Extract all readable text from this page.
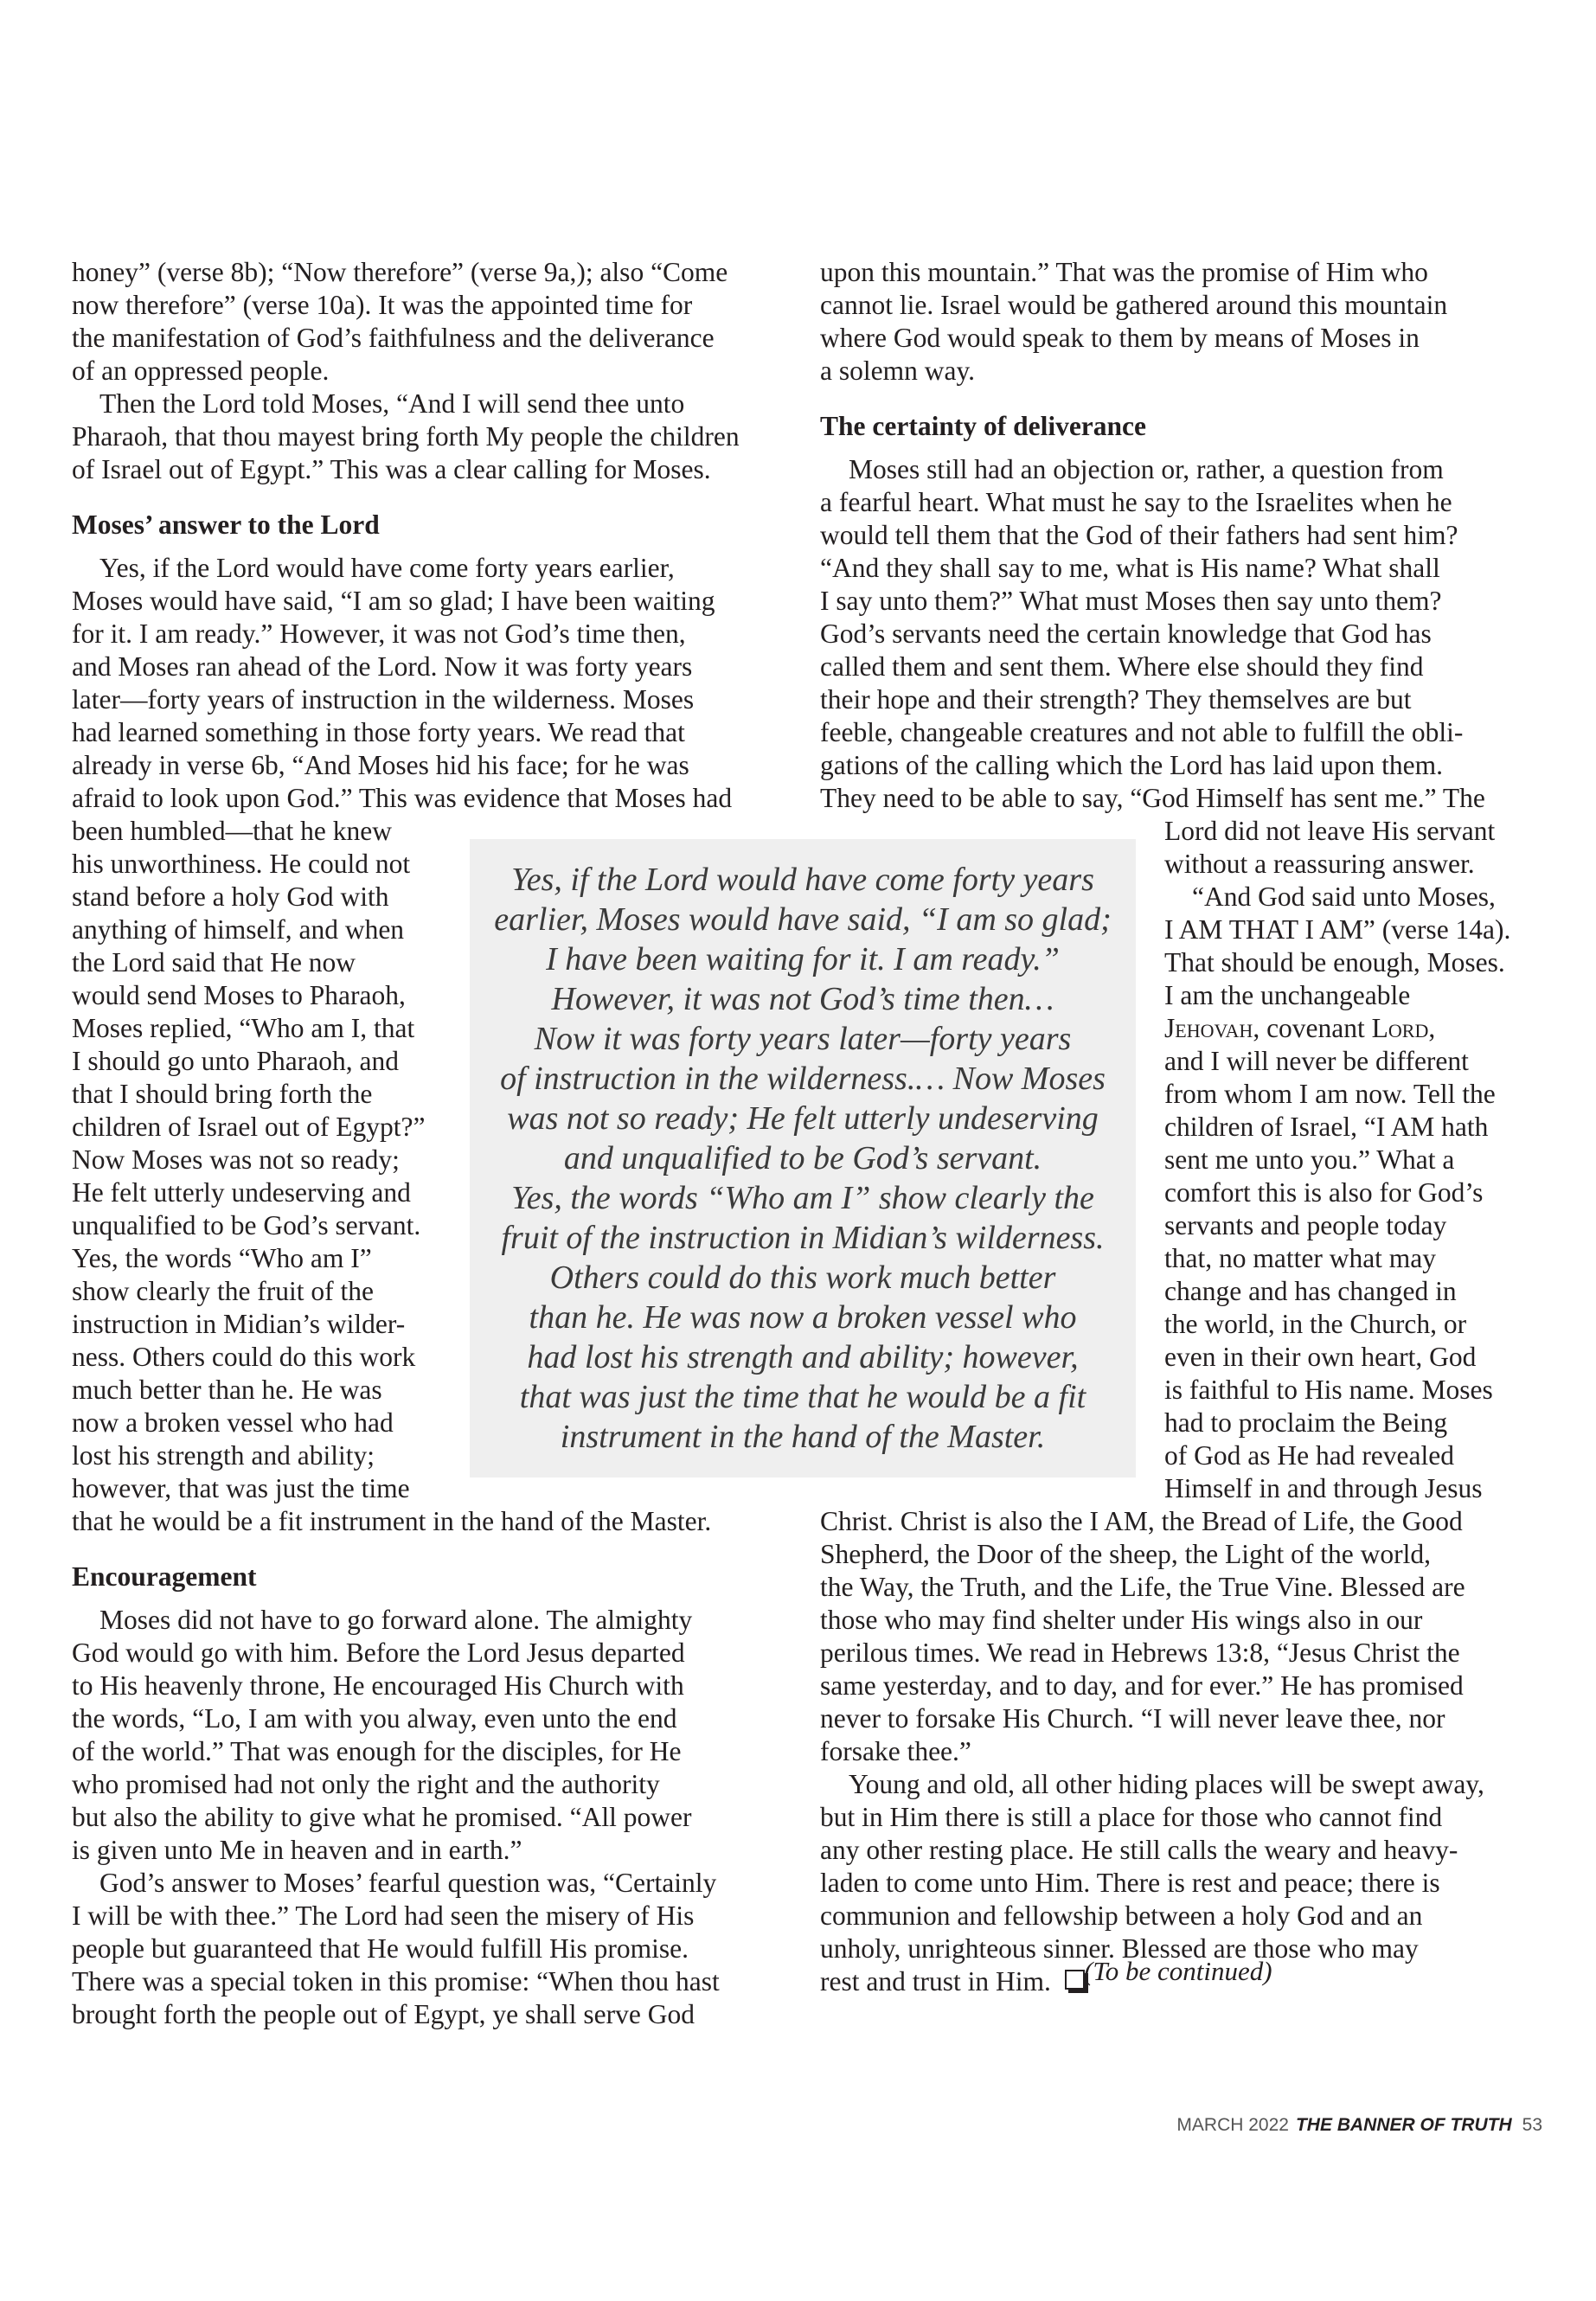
honey” (verse 8b); “Now therefore” (verse 9a,); also “Come
now therefore” (verse 10a). It was the appointed time for
the manifestation of God’s faithfulness and the deliverance
of an oppressed people.
Then the Lord told Moses, “And I will send thee unto
Pharaoh, that thou mayest bring forth My people the children
of Israel out of Egypt.” This was a clear calling for Moses.
Moses’ answer to the Lord
Yes, if the Lord would have come forty years earlier,
Moses would have said, “I am so glad; I have been waiting
for it. I am ready.” However, it was not God’s time then,
and Moses ran ahead of the Lord. Now it was forty years
later—forty years of instruction in the wilderness. Moses
had learned something in those forty years. We read that
already in verse 6b, “And Moses hid his face; for he was
afraid to look upon God.” This was evidence that Moses had
been humbled—that he knew
his unworthiness. He could not
stand before a holy God with
anything of himself, and when
the Lord said that He now
would send Moses to Pharaoh,
Moses replied, “Who am I, that
I should go unto Pharaoh, and
that I should bring forth the
children of Israel out of Egypt?”
Now Moses was not so ready;
He felt utterly undeserving and
unqualified to be God’s servant.
Yes, the words “Who am I”
show clearly the fruit of the
instruction in Midian’s wilder-
ness. Others could do this work
much better than he. He was
now a broken vessel who had
lost his strength and ability;
however, that was just the time
that he would be a fit instrument in the hand of the Master.
Encouragement
Moses did not have to go forward alone. The almighty
God would go with him. Before the Lord Jesus departed
to His heavenly throne, He encouraged His Church with
the words, “Lo, I am with you alway, even unto the end
of the world.” That was enough for the disciples, for He
who promised had not only the right and the authority
but also the ability to give what he promised. “All power
is given unto Me in heaven and in earth.”
God’s answer to Moses’ fearful question was, “Certainly
I will be with thee.” The Lord had seen the misery of His
people but guaranteed that He would fulfill His promise.
There was a special token in this promise: “When thou hast
brought forth the people out of Egypt, ye shall serve God
upon this mountain.” That was the promise of Him who
cannot lie. Israel would be gathered around this mountain
where God would speak to them by means of Moses in
a solemn way.
The certainty of deliverance
Moses still had an objection or, rather, a question from
a fearful heart. What must he say to the Israelites when he
would tell them that the God of their fathers had sent him?
“And they shall say to me, what is His name? What shall
I say unto them?” What must Moses then say unto them?
God’s servants need the certain knowledge that God has
called them and sent them. Where else should they find
their hope and their strength? They themselves are but
feeble, changeable creatures and not able to fulfill the obli-
gations of the calling which the Lord has laid upon them.
They need to be able to say, “God Himself has sent me.” The
Lord did not leave His servant
without a reassuring answer.
“And God said unto Moses,
I AM THAT I AM” (verse 14a).
That should be enough, Moses.
I am the unchangeable
Jehovah, covenant Lord,
and I will never be different
from whom I am now. Tell the
children of Israel, “I AM hath
sent me unto you.” What a
comfort this is also for God’s
servants and people today
that, no matter what may
change and has changed in
the world, in the Church, or
even in their own heart, God
is faithful to His name. Moses
had to proclaim the Being
of God as He had revealed
Himself in and through Jesus
Christ. Christ is also the I AM, the Bread of Life, the Good
Shepherd, the Door of the sheep, the Light of the world,
the Way, the Truth, and the Life, the True Vine. Blessed are
those who may find shelter under His wings also in our
perilous times. We read in Hebrews 13:8, “Jesus Christ the
same yesterday, and to day, and for ever.” He has promised
never to forsake His Church. “I will never leave thee, nor
forsake thee.”
Young and old, all other hiding places will be swept away,
but in Him there is still a place for those who cannot find
any other resting place. He still calls the weary and heavy-
laden to come unto Him. There is rest and peace; there is
communion and fellowship between a holy God and an
unholy, unrighteous sinner. Blessed are those who may
rest and trust in Him.	(To be continued)
Yes, if the Lord would have come forty years
earlier, Moses would have said, “I am so glad;
I have been waiting for it. I am ready.”
However, it was not God’s time then…
Now it was forty years later—forty years
of instruction in the wilderness.… Now Moses
was not so ready; He felt utterly undeserving
and unqualified to be God’s servant.
Yes, the words “Who am I” show clearly the
fruit of the instruction in Midian’s wilderness.
Others could do this work much better
than he. He was now a broken vessel who
had lost his strength and ability; however,
that was just the time that he would be a fit
instrument in the hand of the Master.
MARCH 2022 THE BANNER OF TRUTH 53
